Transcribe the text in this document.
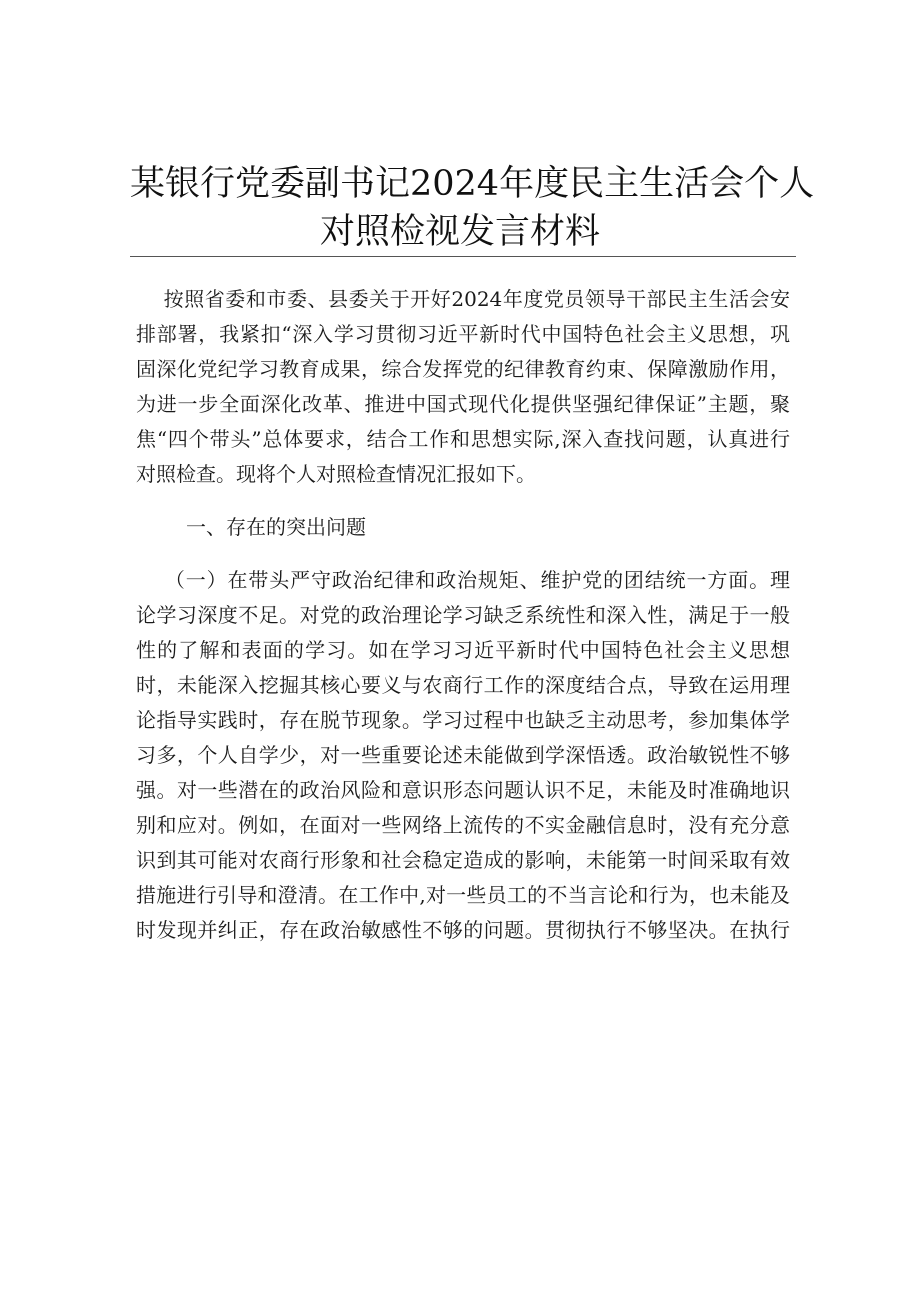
某银行党委副书记2024年度民主生活会个人
对照检视发言材料
按照省委和市委、县委关于开好2024年度党员领导干部民主生活会安
排部署，我紧扣“深入学习贯彻习近平新时代中国特色社会主义思想，巩
固深化党纪学习教育成果，综合发挥党的纪律教育约束、保障激励作用，
为进一步全面深化改革、推进中国式现代化提供坚强纪律保证”主题，聚
焦“四个带头”总体要求，结合工作和思想实际,深入查找问题，认真进行
对照检查。现将个人对照检查情况汇报如下。
一、存在的突出问题
（一）在带头严守政治纪律和政治规矩、维护党的团结统一方面。理
论学习深度不足。对党的政治理论学习缺乏系统性和深入性，满足于一般
性的了解和表面的学习。如在学习习近平新时代中国特色社会主义思想
时，未能深入挖掘其核心要义与农商行工作的深度结合点，导致在运用理
论指导实践时，存在脱节现象。学习过程中也缺乏主动思考，参加集体学
习多，个人自学少，对一些重要论述未能做到学深悟透。政治敏锐性不够
强。对一些潜在的政治风险和意识形态问题认识不足，未能及时准确地识
别和应对。例如，在面对一些网络上流传的不实金融信息时，没有充分意
识到其可能对农商行形象和社会稳定造成的影响，未能第一时间采取有效
措施进行引导和澄清。在工作中,对一些员工的不当言论和行为，也未能及
时发现并纠正，存在政治敏感性不够的问题。贯彻执行不够坚决。在执行
